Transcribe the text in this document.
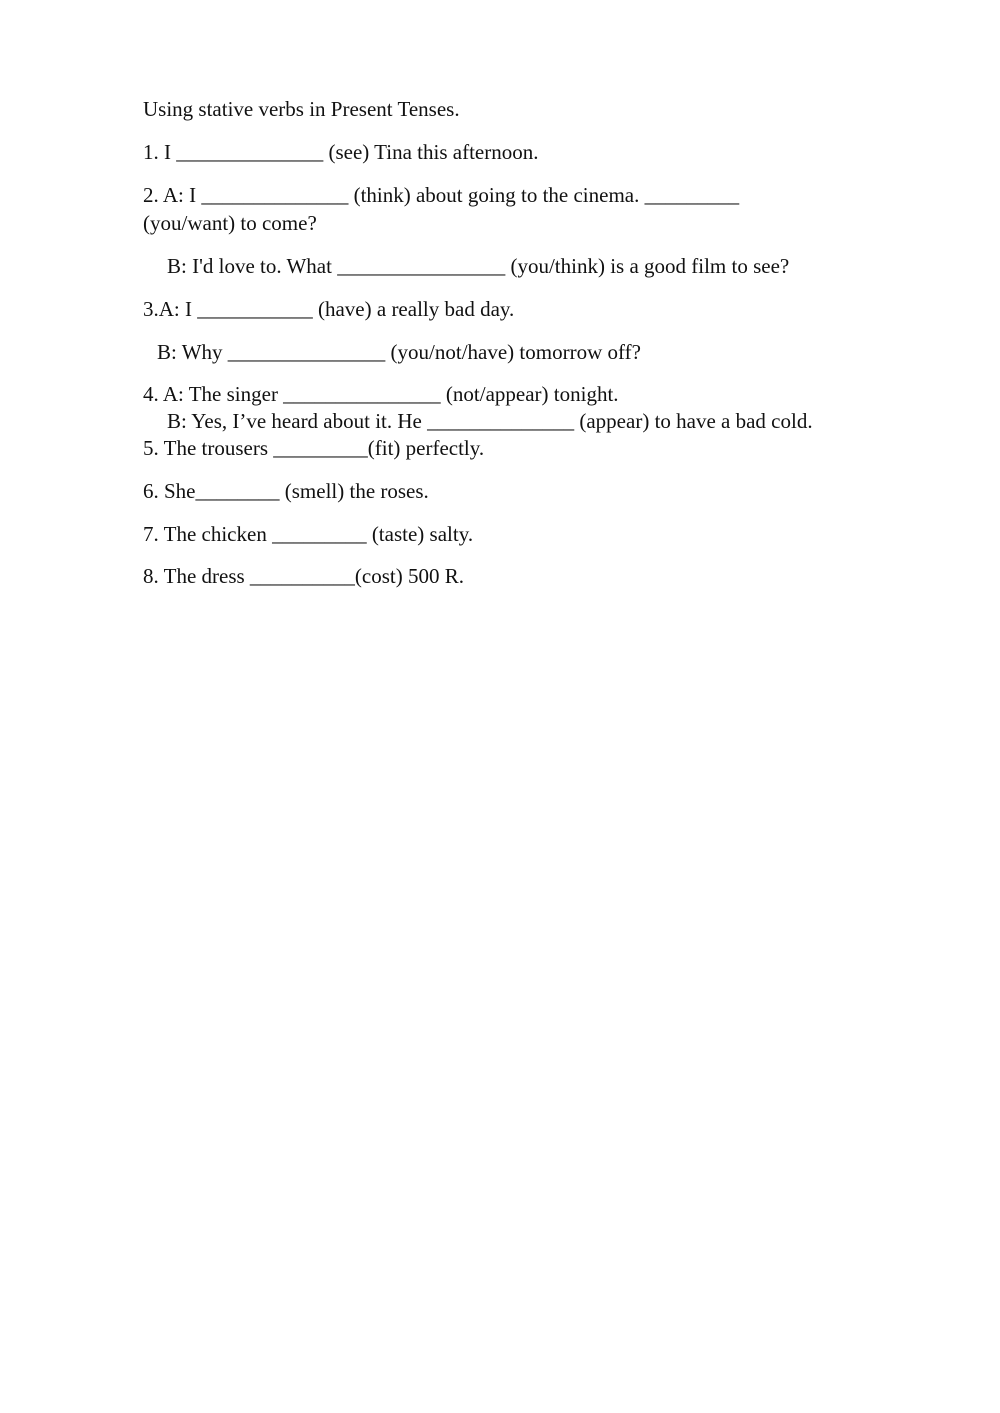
Using stative verbs in Present Tenses.
1. I ______________ (see) Tina this afternoon.
2. A: I ______________ (think) about going to the cinema. _________
(you/want) to come?
B: I'd love to. What ________________ (you/think) is a good film to see?
3.A: I ___________ (have) a really bad day.
B: Why _______________ (you/not/have) tomorrow off?
4. A: The singer _______________ (not/appear) tonight.
B: Yes, I’ve heard about it. He ______________ (appear) to have a bad cold.
5. The trousers _________(fit) perfectly.
6. She________ (smell) the roses.
7. The chicken _________ (taste) salty.
8. The dress __________(cost) 500 R.
